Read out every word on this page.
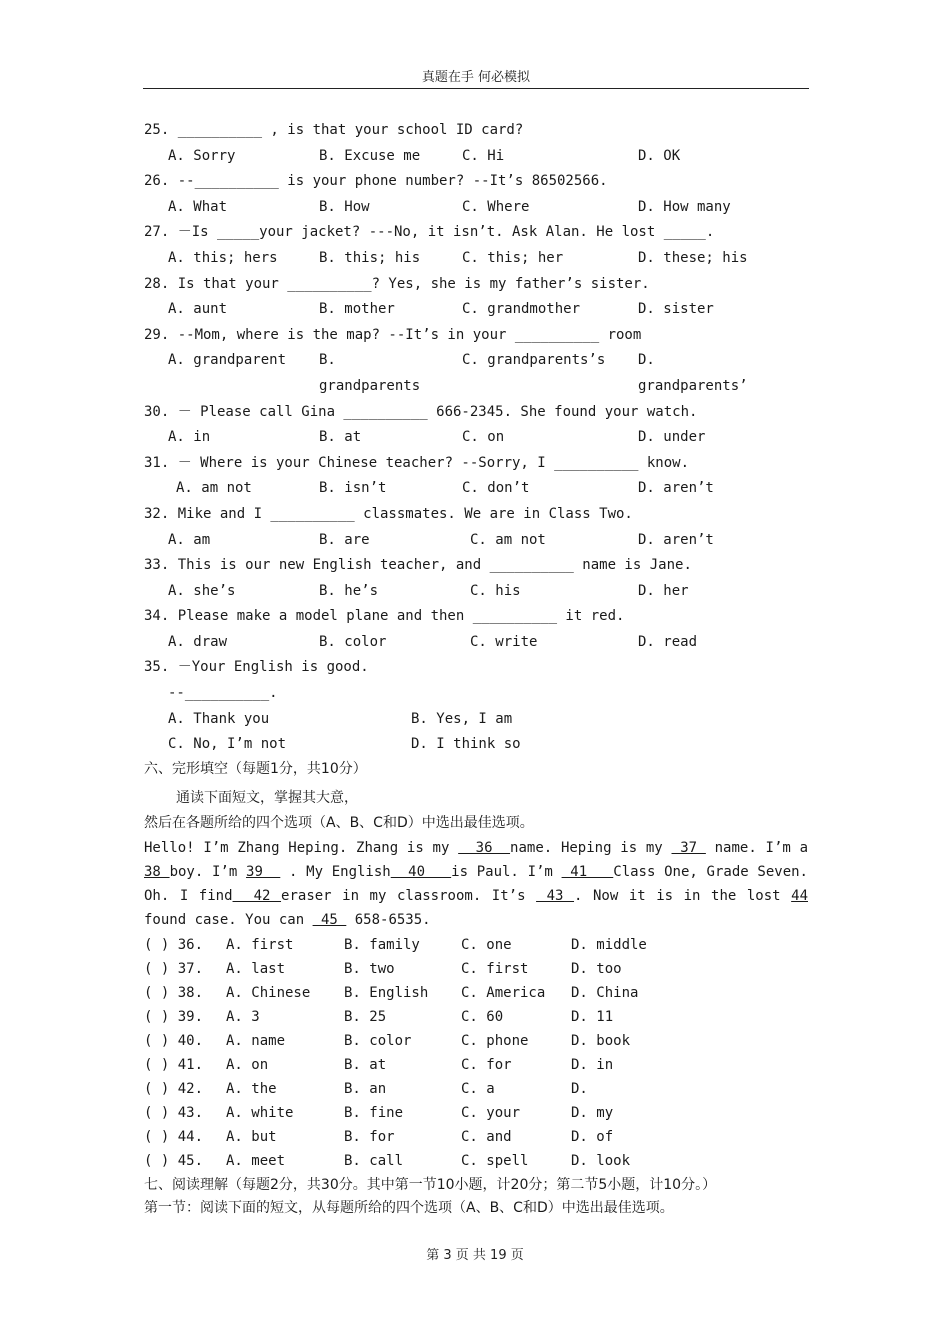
真题在手 何必模拟
25. __________ , is that your school ID card?
A. Sorry	B. Excuse me	C. Hi	D. OK
26. --__________ is your phone number? --It’s 86502566.
A. What	B. How	C. Where	D. How many
27. －Is _____your jacket? ---No, it isn’t. Ask Alan. He lost _____.
A. this; hers	B. this; his	C. this; her	D. these; his
28. Is that your __________? Yes, she is my father’s sister.
A. aunt	B. mother	C. grandmother	D. sister
29. --Mom, where is the map? --It’s in your __________ room
A. grandparent B.	C. grandparents’s D.
grandparents	grandparents’
30. － Please call Gina __________ 666-2345. She found your watch.
A. in	B. at	C. on	D. under
31. － Where is your Chinese teacher? --Sorry, I __________ know.
A. am not	B. isn’t	C. don’t	D. aren’t
32. Mike and I __________ classmates. We are in Class Two.
A. am	B. are	C. am not	D. aren’t
33. This is our new English teacher, and __________ name is Jane.
A. she’s	B. he’s	C. his	D. her
34. Please make a model plane and then __________ it red.
A. draw	B. color	C. write	D. read
35. －Your English is good.
--__________.
A. Thank you	B. Yes, I am
C. No, I’m not	D. I think so
六、完形填空（每题1分，共10分）
通读下面短文，掌握其大意，
然后在各题所给的四个选项（A、B、C和D）中选出最佳选项。
Hello! I’m Zhang Heping. Zhang is my   36  name. Heping is my  37  name. I’m a 38 boy. I’m 39   . My English  40   is Paul. I’m  41   Class One, Grade Seven. Oh. I find  42 eraser in my classroom. It’s  43 . Now it is in the lost 44 found case. You can  45  658-6535.
( ) 36. A. first	B. family	C. one	D. middle
( ) 37. A. last	B. two	C. first	D. too
( ) 38. A. Chinese B. English C. America D. China
( ) 39. A. 3	B. 25	C. 60	D. 11
( ) 40. A. name	B. color	C. phone	D. book
( ) 41. A. on	B. at	C. for	D. in
( ) 42. A. the	B. an	C. a	D.
( ) 43. A. white	B. fine	C. your	D. my
( ) 44. A. but	B. for	C. and	D. of
( ) 45. A. meet	B. call	C. spell	D. look
七、阅读理解（每题2分，共30分。其中第一节10小题，计20分；第二节5小题，计10分。）
第一节：阅读下面的短文，从每题所给的四个选项（A、B、C和D）中选出最佳选项。
第 3 页 共 19 页
